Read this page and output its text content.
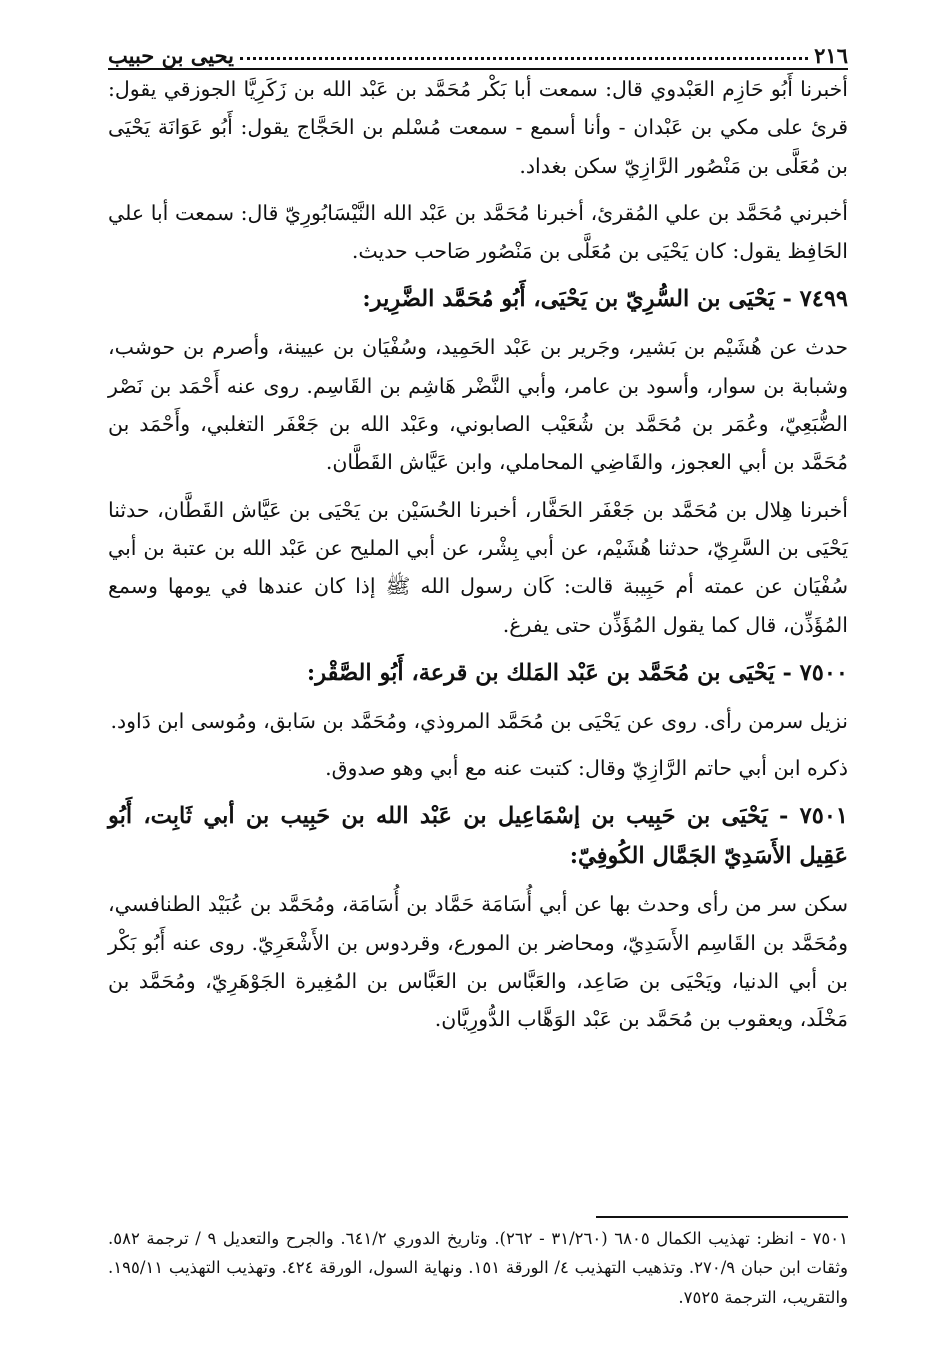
٢١٦
يحيى بن حبيب

أخبرنا أَبُو حَازِم العَبْدوي قال: سمعت أبا بَكْر مُحَمَّد بن عَبْد الله بن زَكَرِيَّا الجوزقي يقول: قرئ على مكي بن عَبْدان - وأنا أسمع - سمعت مُسْلم بن الحَجَّاج يقول: أَبُو عَوَانَة يَحْيَى بن مُعَلَّى بن مَنْصُور الرَّازِيّ سكن بغداد.

أخبرني مُحَمَّد بن علي المُقرئ، أخبرنا مُحَمَّد بن عَبْد الله النَّيْسَابُورِيّ قال: سمعت أبا علي الحَافِظ يقول: كان يَحْيَى بن مُعَلَّى بن مَنْصُور صَاحب حديث.

٧٤٩٩ - يَحْيَى بن السُّرِيّ بن يَحْيَى، أَبُو مُحَمَّد الضَّرِير:

حدث عن هُشَيْم بن بَشير، وجَرير بن عَبْد الحَمِيد، وسُفْيَان بن عيينة، وأصرم بن حوشب، وشبابة بن سوار، وأسود بن عامر، وأبي النَّضْر هَاشِم بن القَاسِم. روى عنه أَحْمَد بن نَصْر الضُّبَعِيّ، وعُمَر بن مُحَمَّد بن شُعَيْب الصابوني، وعَبْد الله بن جَعْفَر التغلبي، وأَحْمَد بن مُحَمَّد بن أبي العجوز، والقَاضِي المحاملي، وابن عَيَّاش القَطَّان.

أخبرنا هِلال بن مُحَمَّد بن جَعْفَر الحَفَّار، أخبرنا الحُسَيْن بن يَحْيَى بن عَيَّاش القَطَّان، حدثنا يَحْيَى بن السَّرِيّ، حدثنا هُشَيْم، عن أبي بِشْر، عن أبي المليح عن عَبْد الله بن عتبة بن أبي سُفْيَان عن عمته أم حَبِيبة قالت: كَان رسول الله ﷺ إذا كان عندها في يومها وسمع المُؤَذِّن، قال كما يقول المُؤَذِّن حتى يفرغ.

٧٥٠٠ - يَحْيَى بن مُحَمَّد بن عَبْد المَلك بن قرعة، أَبُو الصَّقْر:

نزيل سرمن رأى. روى عن يَحْيَى بن مُحَمَّد المروذي، ومُحَمَّد بن سَابق، ومُوسى ابن دَاود.

ذكره ابن أبي حاتم الرَّازِيّ وقال: كتبت عنه مع أبي وهو صدوق.

٧٥٠١ - يَحْيَى بن حَبِيب بن إسْمَاعِيل بن عَبْد الله بن حَبِيب بن أبي ثَابِت، أَبُو عَقِيل الأَسَدِيّ الجَمَّال الكُوفِيّ:

سكن سر من رأى وحدث بها عن أبي أُسَامَة حَمَّاد بن أُسَامَة، ومُحَمَّد بن عُبَيْد الطنافسي، ومُحَمَّد بن القَاسِم الأَسَدِيّ، ومحاضر بن المورع، وقردوس بن الأَشْعَرِيّ. روى عنه أَبُو بَكْر بن أبي الدنيا، ويَحْيَى بن صَاعِد، والعَبَّاس بن العَبَّاس بن المُغِيرة الجَوْهَرِيّ، ومُحَمَّد بن مَخْلَد، ويعقوب بن مُحَمَّد بن عَبْد الوَهَّاب الدُّورِيَّان.

٧٥٠١ - انظر: تهذيب الكمال ٦٨٠٥ (٣١/٢٦٠ - ٢٦٢). وتاريخ الدوري ٦٤١/٢. والجرح والتعديل ٩ / ترجمة ٥٨٢. وثقات ابن حبان ٢٧٠/٩. وتذهيب التهذيب ٤/ الورقة ١٥١. ونهاية السول، الورقة ٤٢٤. وتهذيب التهذيب ١٩٥/١١. والتقريب، الترجمة ٧٥٢٥.
